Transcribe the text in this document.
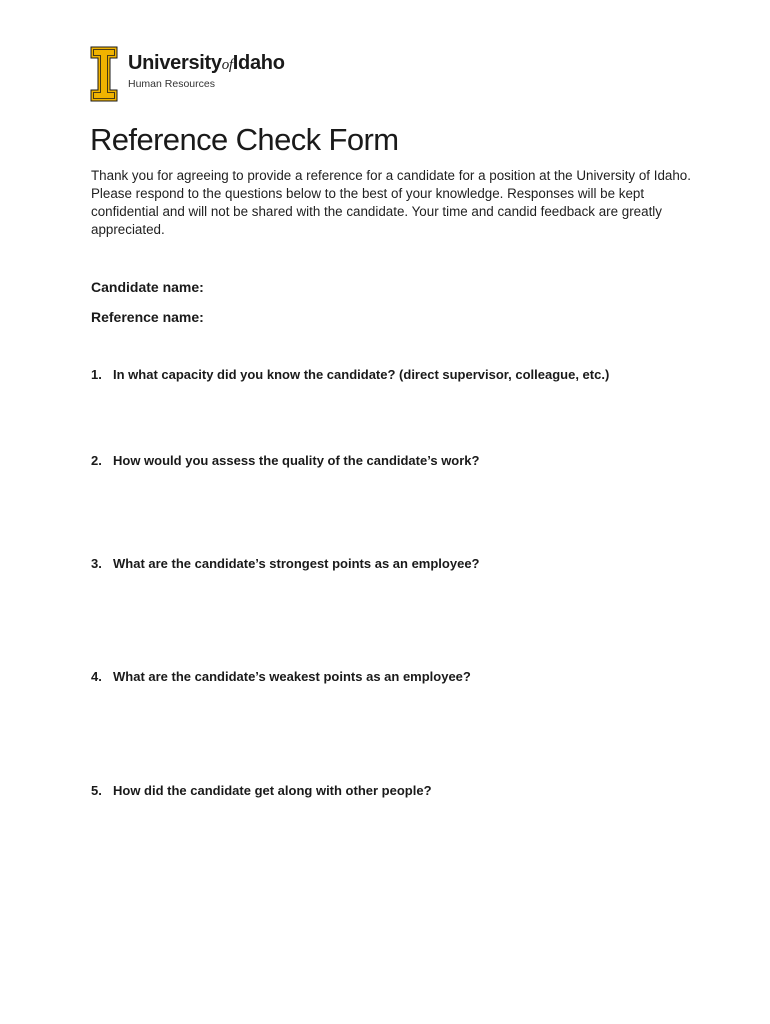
UniversityofIdaho
Human Resources
Reference Check Form

Thank you for agreeing to provide a reference for a candidate for a position at the University of Idaho. Please respond to the questions below to the best of your knowledge. Responses will be kept confidential and will not be shared with the candidate. Your time and candid feedback are greatly appreciated.

Candidate name:
Reference name:
1. In what capacity did you know the candidate? (direct supervisor, colleague, etc.)
2. How would you assess the quality of the candidate’s work?
3. What are the candidate’s strongest points as an employee?
4. What are the candidate’s weakest points as an employee?
5. How did the candidate get along with other people?
